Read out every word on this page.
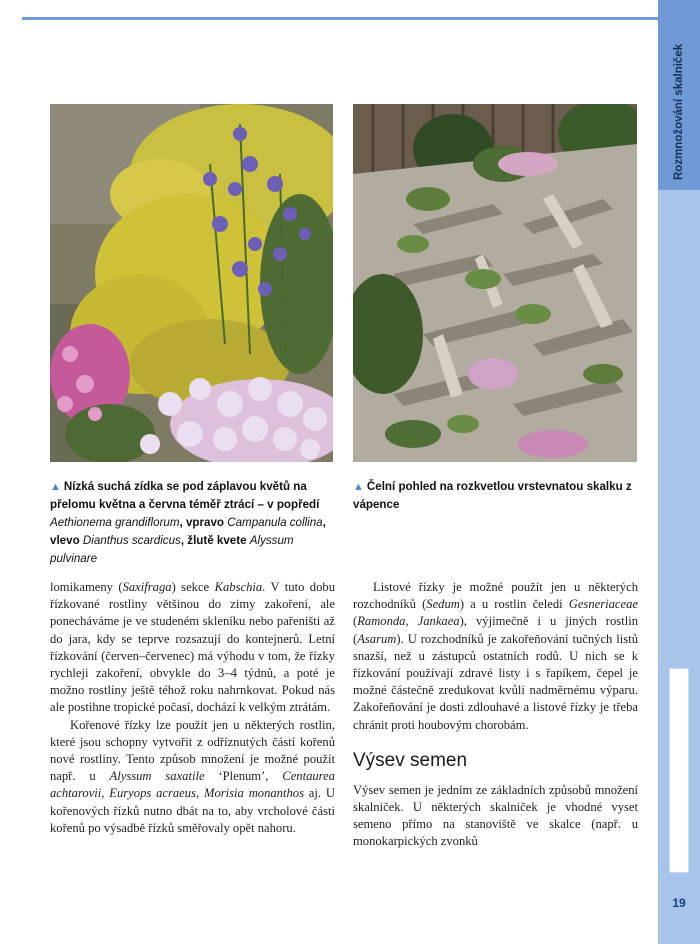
Rozmnožování skalniček
19
▲ Nízká suchá zídka se pod záplavou květů na přelomu května a června téměř ztrácí – v popředí Aethionema grandiflorum, vpravo Campanula collina, vlevo Dianthus scardicus, žlutě kvete Alyssum pulvinare
▲ Čelní pohled na rozkvetlou vrstevnatou skalku z vápence

lomikameny (Saxifraga) sekce Kabschia. V tuto dobu řízkované rostliny většinou do zimy zakoření, ale ponecháváme je ve studeném skleníku nebo pařeništi až do jara, kdy se teprve rozsazují do kontejnerů. Letní řízkování (červen–červenec) má výhodu v tom, že řízky rychleji zakoření, obvykle do 3–4 týdnů, a poté je možno rostliny ještě téhož roku nahrnkovat. Pokud nás ale postihne tropické počasí, dochází k velkým ztrátám.

Kořenové řízky lze použít jen u některých rostlin, které jsou schopny vytvořit z odříznutých částí kořenů nové rostliny. Tento způsob množení je možné použít např. u Alyssum saxatile ‘Plenum’, Centaurea achtarovii, Euryops acraeus, Morisia monanthos aj. U kořenových řízků nutno dbát na to, aby vrcholové části kořenů po výsadbě řízků směřovaly opět nahoru.

Listové řízky je možné použít jen u některých rozchodníků (Sedum) a u rostlin čeledi Gesneriaceae (Ramonda, Jankaea), výjimečně i u jiných rostlin (Asarum). U rozchodníků je zakořeňování tučných listů snazší, než u zástupců ostatních rodů. U nich se k řízkování používají zdravé listy i s řapíkem, čepel je možné částečně zredukovat kvůli nadměrnému výparu. Zakořeňování je dosti zdlouhavé a listové řízky je třeba chránit proti houbovým chorobám.

Výsev semen

Výsev semen je jedním ze základních způsobů množení skalniček. U některých skalniček je vhodné vyset semeno přímo na stanoviště ve skalce (např. u monokarpických zvonků
